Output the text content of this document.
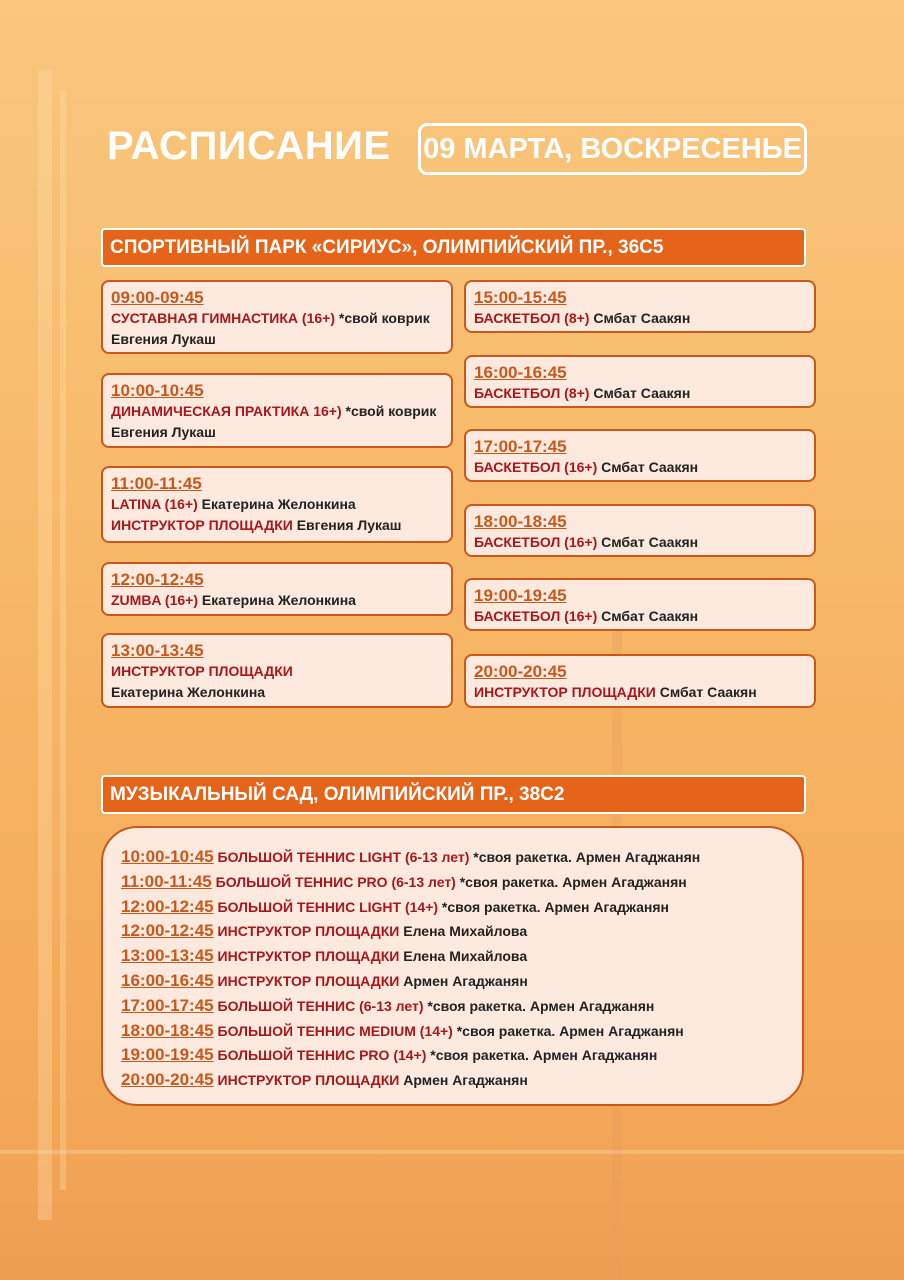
РАСПИСАНИЕ 09 МАРТА, ВОСКРЕСЕНЬЕ
СПОРТИВНЫЙ ПАРК «СИРИУС», ОЛИМПИЙСКИЙ ПР., 36С5
09:00-09:45
СУСТАВНАЯ ГИМНАСТИКА (16+) *свой коврик
Евгения Лукаш
10:00-10:45
ДИНАМИЧЕСКАЯ ПРАКТИКА 16+) *свой коврик
Евгения Лукаш
11:00-11:45
LATINA (16+) Екатерина Желонкина
ИНСТРУКТОР ПЛОЩАДКИ Евгения Лукаш
12:00-12:45
ZUMBA (16+) Екатерина Желонкина
13:00-13:45
ИНСТРУКТОР ПЛОЩАДКИ
Екатерина Желонкина
15:00-15:45
БАСКЕТБОЛ (8+) Смбат Саакян
16:00-16:45
БАСКЕТБОЛ (8+) Смбат Саакян
17:00-17:45
БАСКЕТБОЛ (16+) Смбат Саакян
18:00-18:45
БАСКЕТБОЛ (16+) Смбат Саакян
19:00-19:45
БАСКЕТБОЛ (16+) Смбат Саакян
20:00-20:45
ИНСТРУКТОР ПЛОЩАДКИ Смбат Саакян
МУЗЫКАЛЬНЫЙ САД, ОЛИМПИЙСКИЙ ПР., 38С2
10:00-10:45 БОЛЬШОЙ ТЕННИС LIGHT (6-13 лет) *своя ракетка. Армен Агаджанян
11:00-11:45 БОЛЬШОЙ ТЕННИС PRO (6-13 лет) *своя ракетка. Армен Агаджанян
12:00-12:45 БОЛЬШОЙ ТЕННИС LIGHT (14+) *своя ракетка. Армен Агаджанян
12:00-12:45 ИНСТРУКТОР ПЛОЩАДКИ Елена Михайлова
13:00-13:45 ИНСТРУКТОР ПЛОЩАДКИ Елена Михайлова
16:00-16:45 ИНСТРУКТОР ПЛОЩАДКИ Армен Агаджанян
17:00-17:45 БОЛЬШОЙ ТЕННИС (6-13 лет) *своя ракетка. Армен Агаджанян
18:00-18:45 БОЛЬШОЙ ТЕННИС MEDIUM (14+) *своя ракетка. Армен Агаджанян
19:00-19:45 БОЛЬШОЙ ТЕННИС PRO (14+) *своя ракетка. Армен Агаджанян
20:00-20:45 ИНСТРУКТОР ПЛОЩАДКИ Армен Агаджанян
